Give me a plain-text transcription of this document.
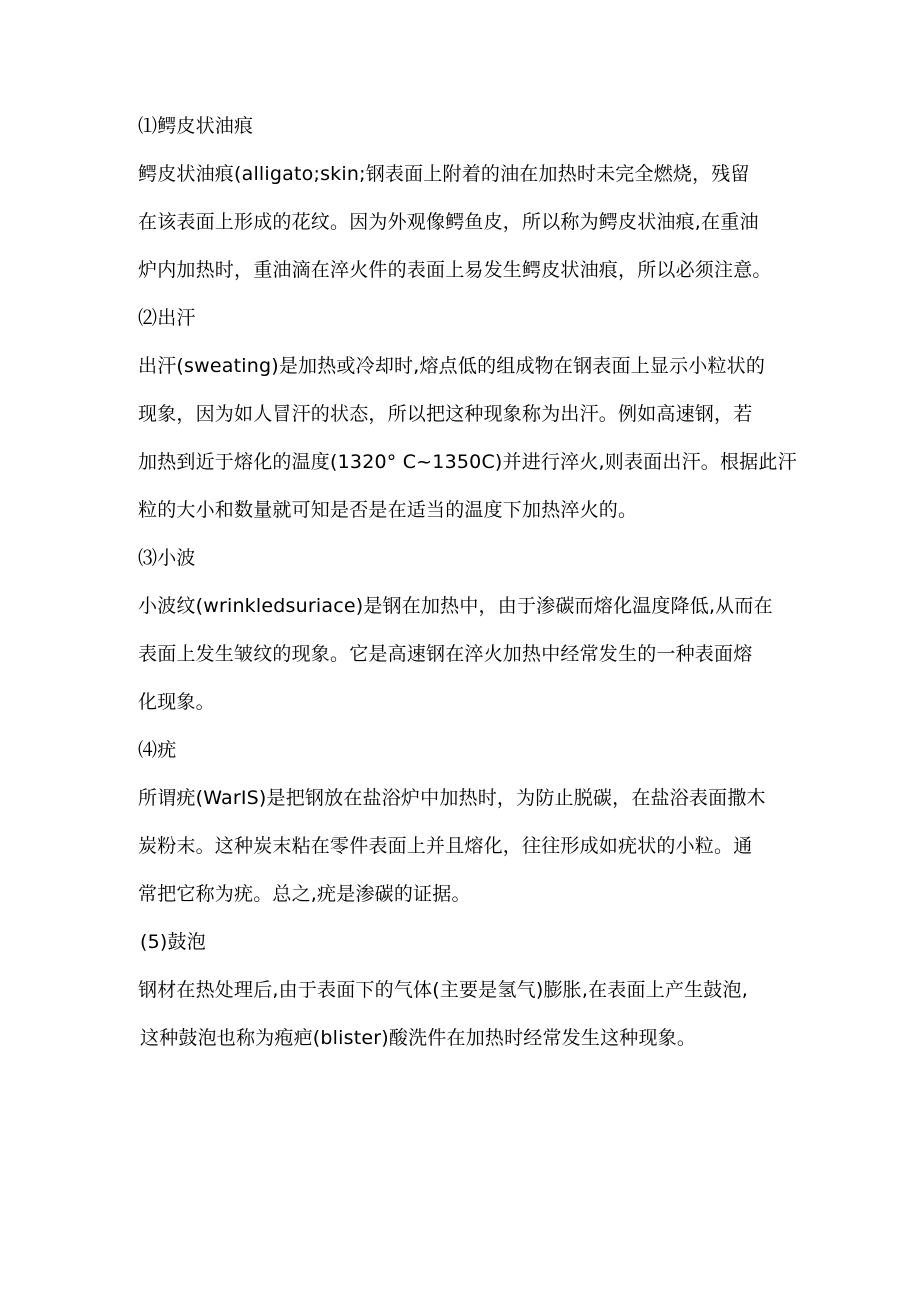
⑴鳄皮状油痕
鳄皮状油痕(alligato;skin;钢表面上附着的油在加热时未完全燃烧，残留
在该表面上形成的花纹。因为外观像鳄鱼皮，所以称为鳄皮状油痕,在重油
炉内加热时，重油滴在淬火件的表面上易发生鳄皮状油痕，所以必须注意。
⑵出汗
出汗(sweating)是加热或冷却时,熔点低的组成物在钢表面上显示小粒状的
现象，因为如人冒汗的状态，所以把这种现象称为出汗。例如高速钢，若
加热到近于熔化的温度(1320° C~1350C)并进行淬火,则表面出汗。根据此汗
粒的大小和数量就可知是否是在适当的温度下加热淬火的。
⑶小波
小波纹(wrinkledsuriace)是钢在加热中，由于渗碳而熔化温度降低,从而在
表面上发生皱纹的现象。它是高速钢在淬火加热中经常发生的一种表面熔
化现象。
⑷疣
所谓疣(WarIS)是把钢放在盐浴炉中加热时，为防止脱碳，在盐浴表面撒木
炭粉末。这种炭末粘在零件表面上并且熔化，往往形成如疣状的小粒。通
常把它称为疣。总之,疣是渗碳的证据。
(5)鼓泡
钢材在热处理后,由于表面下的气体(主要是氢气)膨胀,在表面上产生鼓泡,
这种鼓泡也称为疱疤(blister)酸洗件在加热时经常发生这种现象。
